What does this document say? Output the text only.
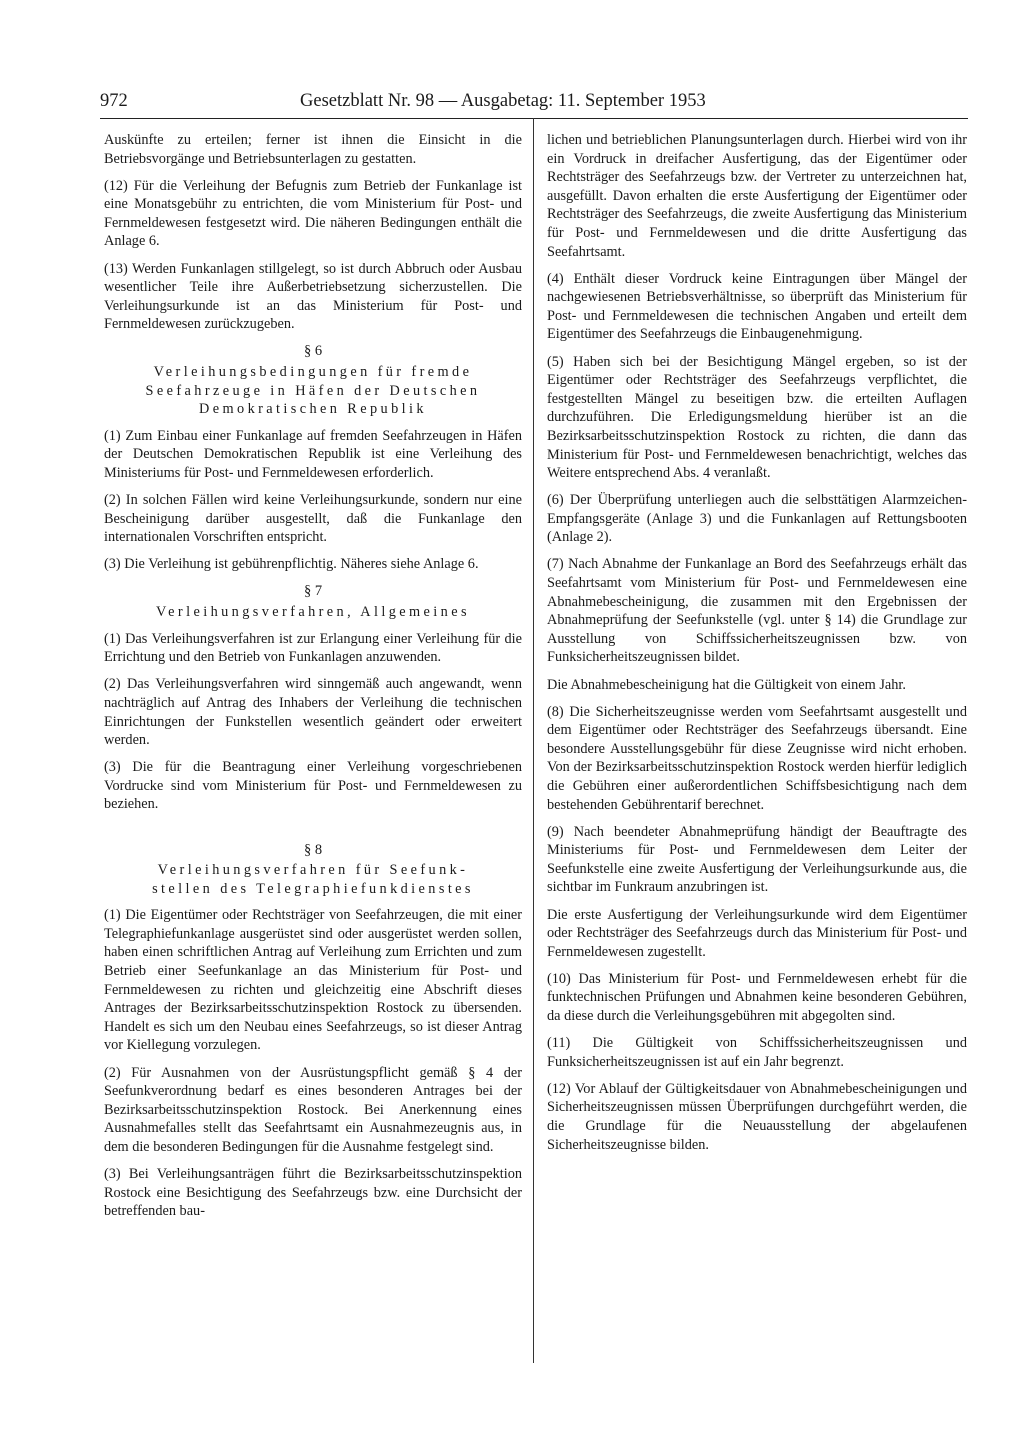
972	Gesetzblatt Nr. 98 — Ausgabetag: 11. September 1953

Auskünfte zu erteilen; ferner ist ihnen die Einsicht in die Betriebsvorgänge und Betriebsunterlagen zu gestatten.

(12) Für die Verleihung der Befugnis zum Betrieb der Funkanlage ist eine Monatsgebühr zu entrichten, die vom Ministerium für Post- und Fernmeldewesen festgesetzt wird. Die näheren Bedingungen enthält die Anlage 6.

(13) Werden Funkanlagen stillgelegt, so ist durch Abbruch oder Ausbau wesentlicher Teile ihre Außerbetriebsetzung sicherzustellen. Die Verleihungsurkunde ist an das Ministerium für Post- und Fernmeldewesen zurückzugeben.

§ 6
Verleihungsbedingungen für fremde
Seefahrzeuge in Häfen der Deutschen
Demokratischen Republik

(1) Zum Einbau einer Funkanlage auf fremden Seefahrzeugen in Häfen der Deutschen Demokratischen Republik ist eine Verleihung des Ministeriums für Post- und Fernmeldewesen erforderlich.

(2) In solchen Fällen wird keine Verleihungsurkunde, sondern nur eine Bescheinigung darüber ausgestellt, daß die Funkanlage den internationalen Vorschriften entspricht.

(3) Die Verleihung ist gebührenpflichtig. Näheres siehe Anlage 6.

§ 7
Verleihungsverfahren, Allgemeines

(1) Das Verleihungsverfahren ist zur Erlangung einer Verleihung für die Errichtung und den Betrieb von Funkanlagen anzuwenden.

(2) Das Verleihungsverfahren wird sinngemäß auch angewandt, wenn nachträglich auf Antrag des Inhabers der Verleihung die technischen Einrichtungen der Funkstellen wesentlich geändert oder erweitert werden.

(3) Die für die Beantragung einer Verleihung vorgeschriebenen Vordrucke sind vom Ministerium für Post- und Fernmeldewesen zu beziehen.

§ 8
Verleihungsverfahren für Seefunk-
stellen des Telegraphiefunkdienstes

(1) Die Eigentümer oder Rechtsträger von Seefahrzeugen, die mit einer Telegraphiefunkanlage ausgerüstet sind oder ausgerüstet werden sollen, haben einen schriftlichen Antrag auf Verleihung zum Errichten und zum Betrieb einer Seefunkanlage an das Ministerium für Post- und Fernmeldewesen zu richten und gleichzeitig eine Abschrift dieses Antrages der Bezirksarbeitsschutzinspektion Rostock zu übersenden. Handelt es sich um den Neubau eines Seefahrzeugs, so ist dieser Antrag vor Kiellegung vorzulegen.

(2) Für Ausnahmen von der Ausrüstungspflicht gemäß § 4 der Seefunkverordnung bedarf es eines besonderen Antrages bei der Bezirksarbeitsschutzinspektion Rostock. Bei Anerkennung eines Ausnahmefalles stellt das Seefahrtsamt ein Ausnahmezeugnis aus, in dem die besonderen Bedingungen für die Ausnahme festgelegt sind.

(3) Bei Verleihungsanträgen führt die Bezirksarbeitsschutzinspektion Rostock eine Besichtigung des Seefahrzeugs bzw. eine Durchsicht der betreffenden bau-

lichen und betrieblichen Planungsunterlagen durch. Hierbei wird von ihr ein Vordruck in dreifacher Ausfertigung, das der Eigentümer oder Rechtsträger des Seefahrzeugs bzw. der Vertreter zu unterzeichnen hat, ausgefüllt. Davon erhalten die erste Ausfertigung der Eigentümer oder Rechtsträger des Seefahrzeugs, die zweite Ausfertigung das Ministerium für Post- und Fernmeldewesen und die dritte Ausfertigung das Seefahrtsamt.

(4) Enthält dieser Vordruck keine Eintragungen über Mängel der nachgewiesenen Betriebsverhältnisse, so überprüft das Ministerium für Post- und Fernmeldewesen die technischen Angaben und erteilt dem Eigentümer des Seefahrzeugs die Einbaugenehmigung.

(5) Haben sich bei der Besichtigung Mängel ergeben, so ist der Eigentümer oder Rechtsträger des Seefahrzeugs verpflichtet, die festgestellten Mängel zu beseitigen bzw. die erteilten Auflagen durchzuführen. Die Erledigungsmeldung hierüber ist an die Bezirksarbeitsschutzinspektion Rostock zu richten, die dann das Ministerium für Post- und Fernmeldewesen benachrichtigt, welches das Weitere entsprechend Abs. 4 veranlaßt.

(6) Der Überprüfung unterliegen auch die selbsttätigen Alarmzeichen-Empfangsgeräte (Anlage 3) und die Funkanlagen auf Rettungsbooten (Anlage 2).

(7) Nach Abnahme der Funkanlage an Bord des Seefahrzeugs erhält das Seefahrtsamt vom Ministerium für Post- und Fernmeldewesen eine Abnahmebescheinigung, die zusammen mit den Ergebnissen der Abnahmeprüfung der Seefunkstelle (vgl. unter § 14) die Grundlage zur Ausstellung von Schiffssicherheitszeugnissen bzw. von Funksicherheitszeugnissen bildet.

Die Abnahmebescheinigung hat die Gültigkeit von einem Jahr.

(8) Die Sicherheitszeugnisse werden vom Seefahrtsamt ausgestellt und dem Eigentümer oder Rechtsträger des Seefahrzeugs übersandt. Eine besondere Ausstellungsgebühr für diese Zeugnisse wird nicht erhoben. Von der Bezirksarbeitsschutzinspektion Rostock werden hierfür lediglich die Gebühren einer außerordentlichen Schiffsbesichtigung nach dem bestehenden Gebührentarif berechnet.

(9) Nach beendeter Abnahmeprüfung händigt der Beauftragte des Ministeriums für Post- und Fernmeldewesen dem Leiter der Seefunkstelle eine zweite Ausfertigung der Verleihungsurkunde aus, die sichtbar im Funkraum anzubringen ist.

Die erste Ausfertigung der Verleihungsurkunde wird dem Eigentümer oder Rechtsträger des Seefahrzeugs durch das Ministerium für Post- und Fernmeldewesen zugestellt.

(10) Das Ministerium für Post- und Fernmeldewesen erhebt für die funktechnischen Prüfungen und Abnahmen keine besonderen Gebühren, da diese durch die Verleihungsgebühren mit abgegolten sind.

(11) Die Gültigkeit von Schiffssicherheitszeugnissen und Funksicherheitszeugnissen ist auf ein Jahr begrenzt.

(12) Vor Ablauf der Gültigkeitsdauer von Abnahmebescheinigungen und Sicherheitszeugnissen müssen Überprüfungen durchgeführt werden, die die Grundlage für die Neuausstellung der abgelaufenen Sicherheitszeugnisse bilden.
